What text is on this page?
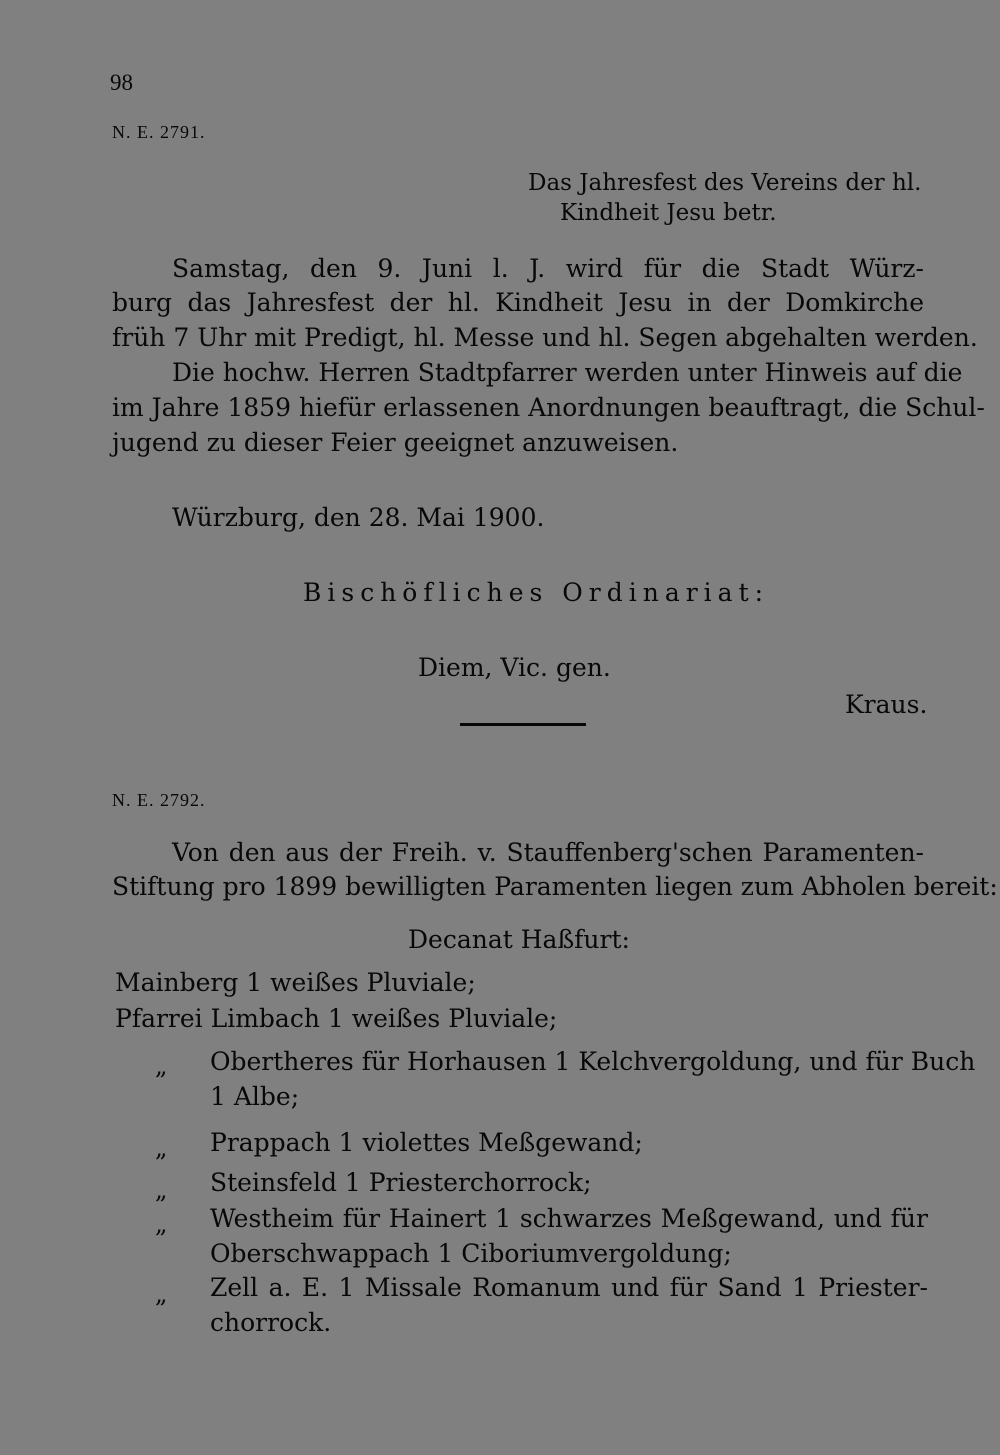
98
N. E. 2791.
Das Jahresfest des Vereins der hl.
Kindheit Jesu betr.
Samstag, den 9. Juni l. J. wird für die Stadt Würz-
burg das Jahresfest der hl. Kindheit Jesu in der Domkirche
früh 7 Uhr mit Predigt, hl. Messe und hl. Segen abgehalten werden.
Die hochw. Herren Stadtpfarrer werden unter Hinweis auf die
im Jahre 1859 hiefür erlassenen Anordnungen beauftragt, die Schul-
jugend zu dieser Feier geeignet anzuweisen.
Würzburg, den 28. Mai 1900.
Bischöfliches Ordinariat:
Diem, Vic. gen.
Kraus.
N. E. 2792.
Von den aus der Freih. v. Stauffenberg'schen Paramenten-
Stiftung pro 1899 bewilligten Paramenten liegen zum Abholen bereit:
Decanat Haßfurt:
Mainberg 1 weißes Pluviale;
Pfarrei Limbach 1 weißes Pluviale;
„ Obertheres für Horhausen 1 Kelchvergoldung, und für Buch
1 Albe;
„ Prappach 1 violettes Meßgewand;
„ Steinsfeld 1 Priesterchorrock;
„ Westheim für Hainert 1 schwarzes Meßgewand, und für
Oberschwappach 1 Ciboriumvergoldung;
„ Zell a. E. 1 Missale Romanum und für Sand 1 Priester-
chorrock.
